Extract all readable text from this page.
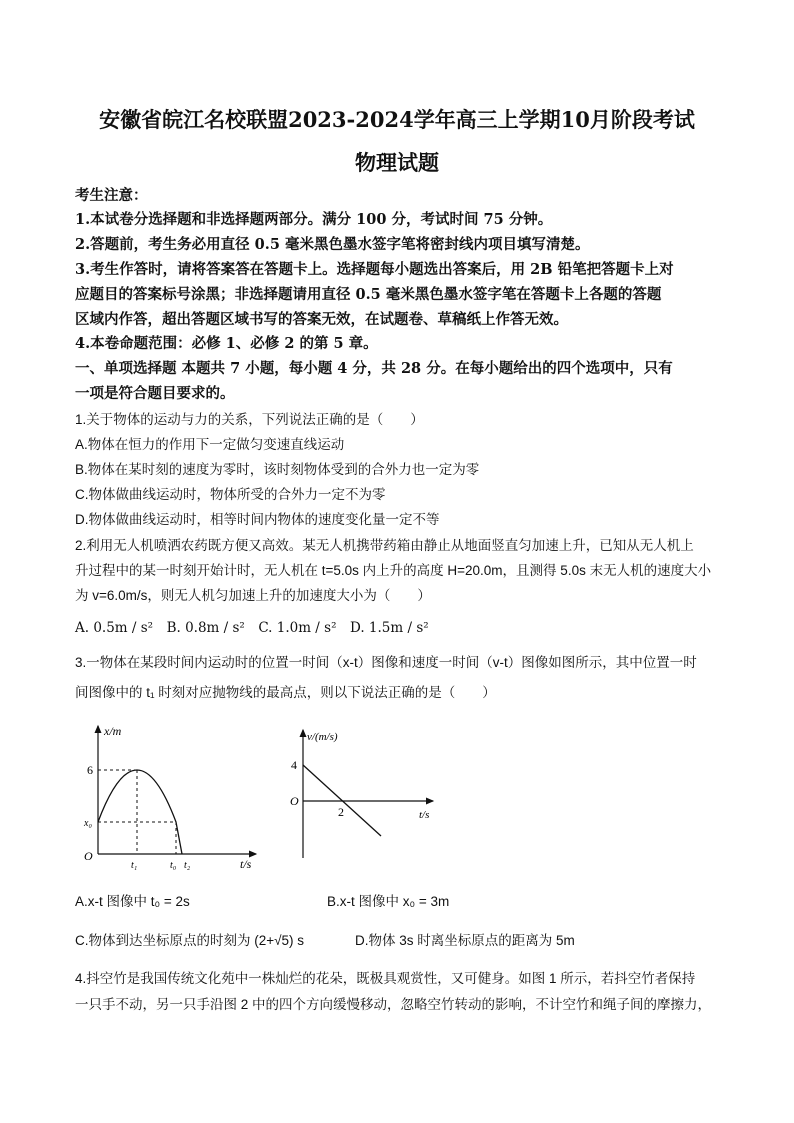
安徽省皖江名校联盟2023-2024学年高三上学期10月阶段考试
物理试题
考生注意：
1.本试卷分选择题和非选择题两部分。满分 100 分，考试时间 75 分钟。
2.答题前，考生务必用直径 0.5 毫米黑色墨水签字笔将密封线内项目填写清楚。
3.考生作答时，请将答案答在答题卡上。选择题每小题选出答案后，用 2B 铅笔把答题卡上对
应题目的答案标号涂黑；非选择题请用直径 0.5 毫米黑色墨水签字笔在答题卡上各题的答题
区域内作答，超出答题区域书写的答案无效，在试题卷、草稿纸上作答无效。
4.本卷命题范围：必修 1、必修 2 的第 5 章。
一、单项选择题 本题共 7 小题，每小题 4 分，共 28 分。在每小题给出的四个选项中，只有
一项是符合题目要求的。
1.关于物体的运动与力的关系，下列说法正确的是（　　）
A.物体在恒力的作用下一定做匀变速直线运动
B.物体在某时刻的速度为零时，该时刻物体受到的合外力也一定为零
C.物体做曲线运动时，物体所受的合外力一定不为零
D.物体做曲线运动时，相等时间内物体的速度变化量一定不等
2.利用无人机喷洒农药既方便又高效。某无人机携带药箱由静止从地面竖直匀加速上升，已知从无人机上
升过程中的某一时刻开始计时，无人机在 t=5.0s 内上升的高度 H=20.0m，且测得 5.0s 末无人机的速度大小
为 v=6.0m/s，则无人机匀加速上升的加速度大小为（　　）
A. 0.5m / s²　B. 0.8m / s²　C. 1.0m / s²　D. 1.5m / s²
3.一物体在某段时间内运动时的位置一时间（x-t）图像和速度一时间（v-t）图像如图所示，其中位置一时
间图像中的 t₁ 时刻对应抛物线的最高点，则以下说法正确的是（　　）
x/m
t/s
O
6
x₀
t₁	t₀ t₂
v/(m/s)
t/s
O
4
2
A.x-t 图像中 t₀ = 2s	B.x-t 图像中 x₀ = 3m
C.物体到达坐标原点的时刻为 (2+√5) s	D.物体 3s 时离坐标原点的距离为 5m
4.抖空竹是我国传统文化苑中一株灿烂的花朵，既极具观赏性，又可健身。如图 1 所示，若抖空竹者保持
一只手不动，另一只手沿图 2 中的四个方向缓慢移动，忽略空竹转动的影响，不计空竹和绳子间的摩擦力，
